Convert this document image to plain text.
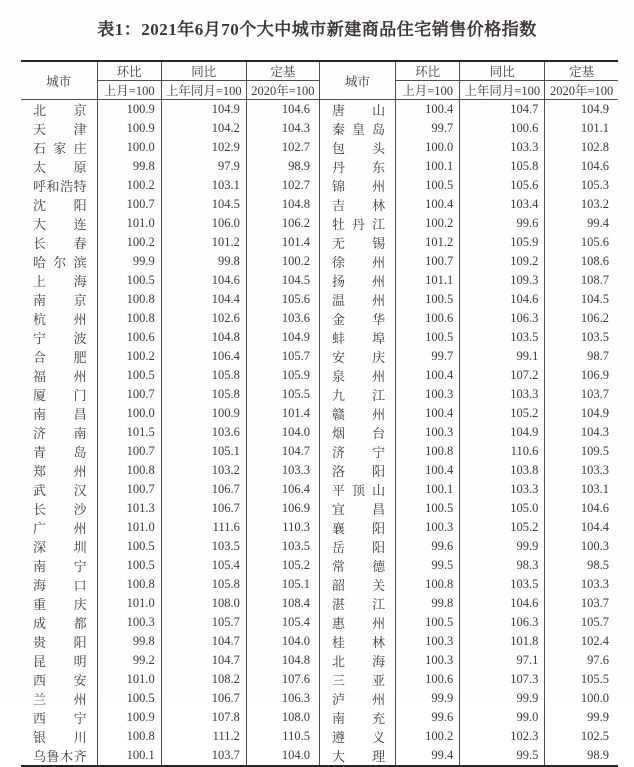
表1：2021年6月70个大中城市新建商品住宅销售价格指数
城市	环比	同比	定基	城市	环比	同比	定基
	上月=100	上年同月=100	2020年=100		上月=100	上年同月=100	2020年=100
北京	100.9	104.9	104.6	唐山	100.4	104.7	104.9
天津	100.9	104.2	104.3	秦皇岛	99.7	100.6	101.1
石家庄	100.0	102.9	102.7	包头	100.0	103.3	102.8
太原	99.8	97.9	98.9	丹东	100.1	105.8	104.6
呼和浩特	100.2	103.1	102.7	锦州	100.5	105.6	105.3
沈阳	100.7	104.5	104.8	吉林	100.4	103.4	103.2
大连	101.0	106.0	106.2	牡丹江	100.2	99.6	99.4
长春	100.2	101.2	101.4	无锡	101.2	105.9	105.6
哈尔滨	99.9	99.8	100.2	徐州	100.7	109.2	108.6
上海	100.5	104.6	104.5	扬州	101.1	109.3	108.7
南京	100.8	104.4	105.6	温州	100.5	104.6	104.5
杭州	100.8	102.6	103.6	金华	100.6	106.3	106.2
宁波	100.6	104.8	104.9	蚌埠	100.5	103.5	103.5
合肥	100.2	106.4	105.7	安庆	99.7	99.1	98.7
福州	100.5	105.8	105.9	泉州	100.4	107.2	106.9
厦门	100.7	105.8	105.5	九江	100.3	103.3	103.7
南昌	100.0	100.9	101.4	赣州	100.4	105.2	104.9
济南	101.5	103.6	104.0	烟台	100.3	104.9	104.3
青岛	100.7	105.1	104.7	济宁	100.8	110.6	109.5
郑州	100.8	103.2	103.3	洛阳	100.4	103.8	103.3
武汉	100.7	106.7	106.4	平顶山	100.1	103.3	103.1
长沙	101.3	106.7	106.9	宜昌	100.5	105.0	104.6
广州	101.0	111.6	110.3	襄阳	100.3	105.2	104.4
深圳	100.5	103.5	103.5	岳阳	99.6	99.9	100.3
南宁	100.5	105.4	105.2	常德	99.5	98.3	98.5
海口	100.8	105.8	105.1	韶关	100.8	103.5	103.3
重庆	101.0	108.0	108.4	湛江	99.8	104.6	103.7
成都	100.3	105.7	105.4	惠州	100.5	106.3	105.7
贵阳	99.8	104.7	104.0	桂林	100.3	101.8	102.4
昆明	99.2	104.7	104.8	北海	100.3	97.1	97.6
西安	101.0	108.2	107.6	三亚	100.6	107.3	105.5
兰州	100.5	106.7	106.3	泸州	99.9	99.9	100.0
西宁	100.9	107.8	108.0	南充	99.6	99.0	99.9
银川	100.8	111.2	110.5	遵义	100.2	102.3	102.5
乌鲁木齐	100.1	103.7	104.0	大理	99.4	99.5	98.9
